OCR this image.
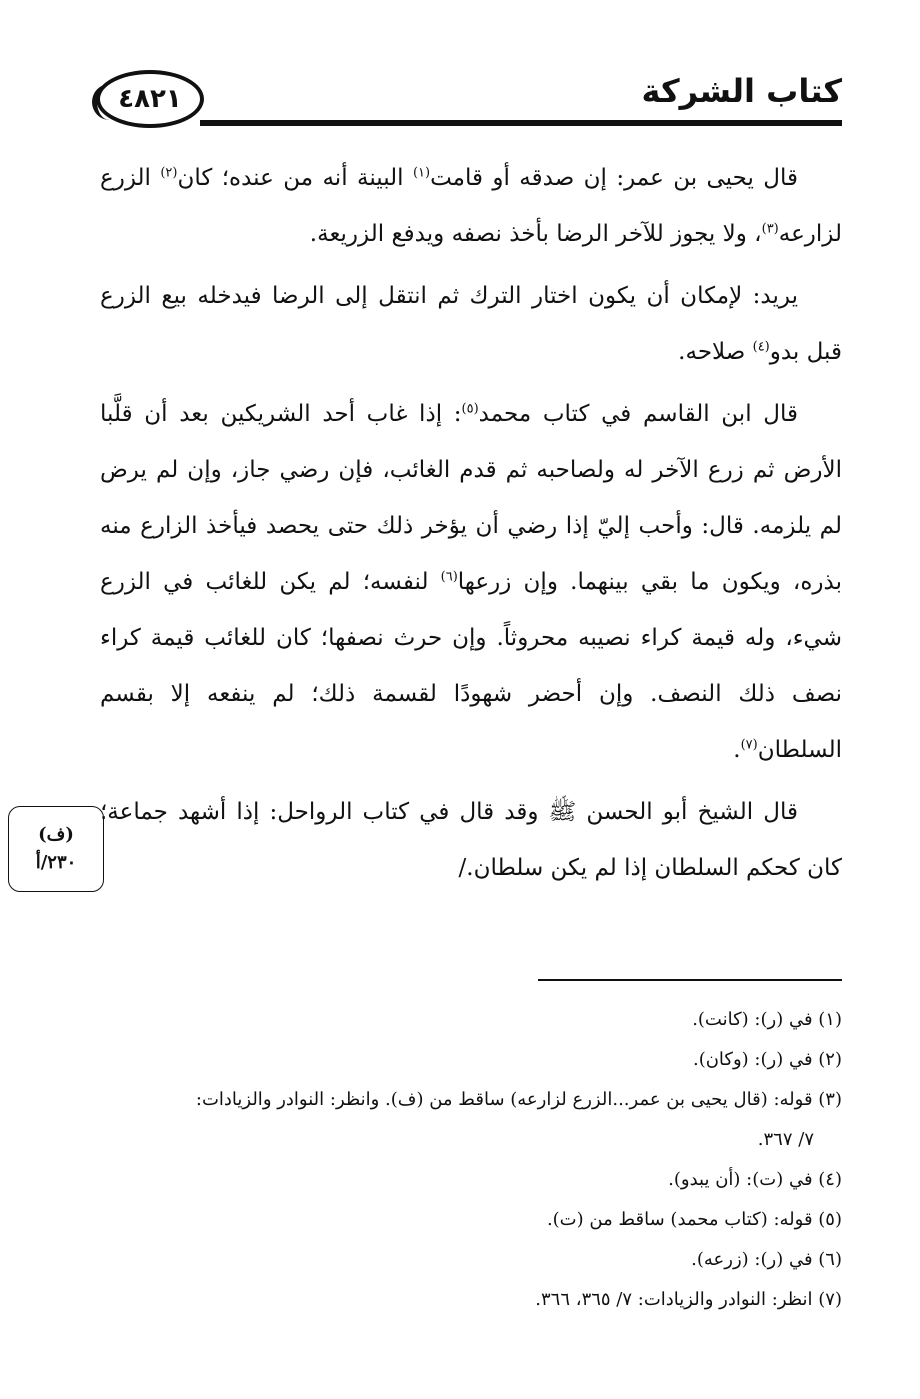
٤٨٢١	كتاب الشركة

قال يحيى بن عمر: إن صدقه أو قامت$^{(١)}$ البينة أنه من عنده؛ كان$^{(٢)}$ الزرع لزارعه$^{(٣)}$، ولا يجوز للآخر الرضا بأخذ نصفه ويدفع الزريعة.

يريد: لإمكان أن يكون اختار الترك ثم انتقل إلى الرضا فيدخله بيع الزرع قبل بدو$^{(٤)}$ صلاحه.

قال ابن القاسم في كتاب محمد$^{(٥)}$: إذا غاب أحد الشريكين بعد أن قلَّبا الأرض ثم زرع الآخر له ولصاحبه ثم قدم الغائب، فإن رضي جاز، وإن لم يرض لم يلزمه. قال: وأحب إليّ إذا رضي أن يؤخر ذلك حتى يحصد فيأخذ الزارع منه بذره، ويكون ما بقي بينهما. وإن زرعها$^{(٦)}$ لنفسه؛ لم يكن للغائب في الزرع شيء، وله قيمة كراء نصيبه محروثاً. وإن حرث نصفها؛ كان للغائب قيمة كراء نصف ذلك النصف. وإن أحضر شهودًا لقسمة ذلك؛ لم ينفعه إلا بقسم السلطان$^{(٧)}$.

قال الشيخ أبو الحسن ﷺ وقد قال في كتاب الرواحل: إذا أشهد جماعة؛ كان كحكم السلطان إذا لم يكن سلطان./

(ف)
٢٣٠/أ

(١) في (ر): (كانت).

(٢) في (ر): (وكان).

(٣) قوله: (قال يحيى بن عمر...الزرع لزارعه) ساقط من (ف). وانظر: النوادر والزيادات:

٧/ ٣٦٧.

(٤) في (ت): (أن يبدو).

(٥) قوله: (كتاب محمد) ساقط من (ت).

(٦) في (ر): (زرعه).

(٧) انظر: النوادر والزيادات: ٧/ ٣٦٥، ٣٦٦.
